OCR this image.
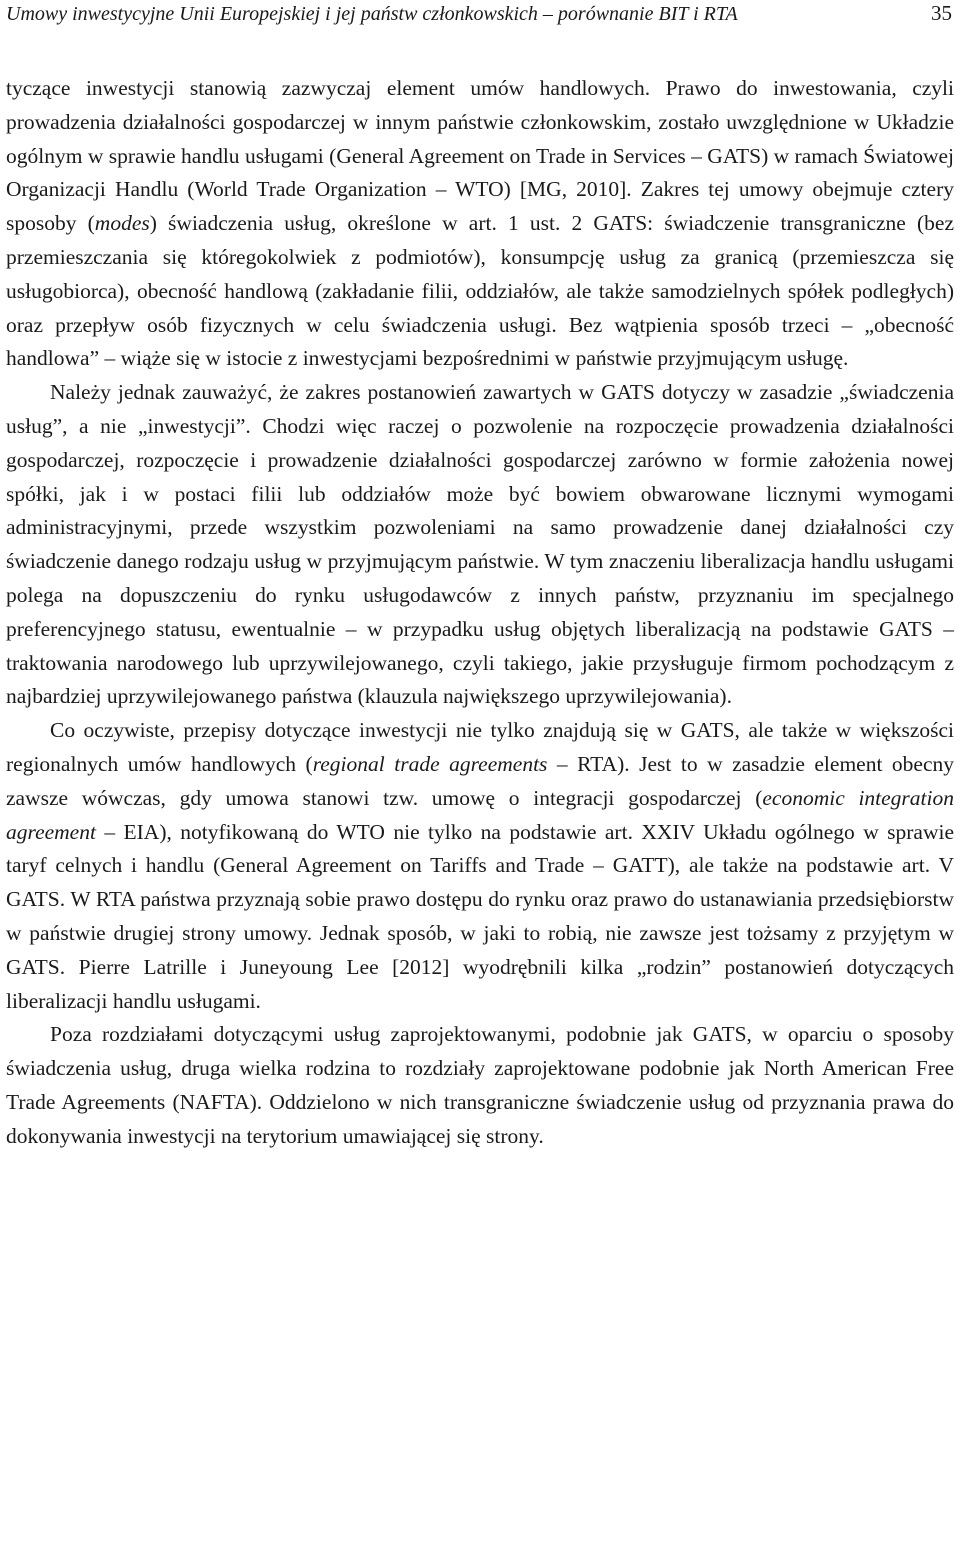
Umowy inwestycyjne Unii Europejskiej i jej państw członkowskich – porównanie BIT i RTA	35

tyczące inwestycji stanowią zazwyczaj element umów handlowych. Prawo do inwestowania, czyli prowadzenia działalności gospodarczej w innym państwie członkowskim, zostało uwzględnione w Układzie ogólnym w sprawie handlu usługami (General Agreement on Trade in Services – GATS) w ramach Światowej Organizacji Handlu (World Trade Organization – WTO) [MG, 2010]. Zakres tej umowy obejmuje cztery sposoby (modes) świadczenia usług, określone w art. 1 ust. 2 GATS: świadczenie transgraniczne (bez przemieszczania się któregokolwiek z podmiotów), konsumpcję usług za granicą (przemieszcza się usługobiorca), obecność handlową (zakładanie filii, oddziałów, ale także samodzielnych spółek podległych) oraz przepływ osób fizycznych w celu świadczenia usługi. Bez wątpienia sposób trzeci – „obecność handlowa” – wiąże się w istocie z inwestycjami bezpośrednimi w państwie przyjmującym usługę.

Należy jednak zauważyć, że zakres postanowień zawartych w GATS dotyczy w zasadzie „świadczenia usług”, a nie „inwestycji”. Chodzi więc raczej o pozwolenie na rozpoczęcie prowadzenia działalności gospodarczej, rozpoczęcie i prowadzenie działalności gospodarczej zarówno w formie założenia nowej spółki, jak i w postaci filii lub oddziałów może być bowiem obwarowane licznymi wymogami administracyjnymi, przede wszystkim pozwoleniami na samo prowadzenie danej działalności czy świadczenie danego rodzaju usług w przyjmującym państwie. W tym znaczeniu liberalizacja handlu usługami polega na dopuszczeniu do rynku usługodawców z innych państw, przyznaniu im specjalnego preferencyjnego statusu, ewentualnie – w przypadku usług objętych liberalizacją na podstawie GATS – traktowania narodowego lub uprzywilejowanego, czyli takiego, jakie przysługuje firmom pochodzącym z najbardziej uprzywilejowanego państwa (klauzula największego uprzywilejowania).

Co oczywiste, przepisy dotyczące inwestycji nie tylko znajdują się w GATS, ale także w większości regionalnych umów handlowych (regional trade agreements – RTA). Jest to w zasadzie element obecny zawsze wówczas, gdy umowa stanowi tzw. umowę o integracji gospodarczej (economic integration agreement – EIA), notyfikowaną do WTO nie tylko na podstawie art. XXIV Układu ogólnego w sprawie taryf celnych i handlu (General Agreement on Tariffs and Trade – GATT), ale także na podstawie art. V GATS. W RTA państwa przyznają sobie prawo dostępu do rynku oraz prawo do ustanawiania przedsiębiorstw w państwie drugiej strony umowy. Jednak sposób, w jaki to robią, nie zawsze jest tożsamy z przyjętym w GATS. Pierre Latrille i Juneyoung Lee [2012] wyodrębnili kilka „rodzin” postanowień dotyczących liberalizacji handlu usługami.

Poza rozdziałami dotyczącymi usług zaprojektowanymi, podobnie jak GATS, w oparciu o sposoby świadczenia usług, druga wielka rodzina to rozdziały zaprojektowane podobnie jak North American Free Trade Agreements (NAFTA). Oddzielono w nich transgraniczne świadczenie usług od przyznania prawa do dokonywania inwestycji na terytorium umawiającej się strony.
